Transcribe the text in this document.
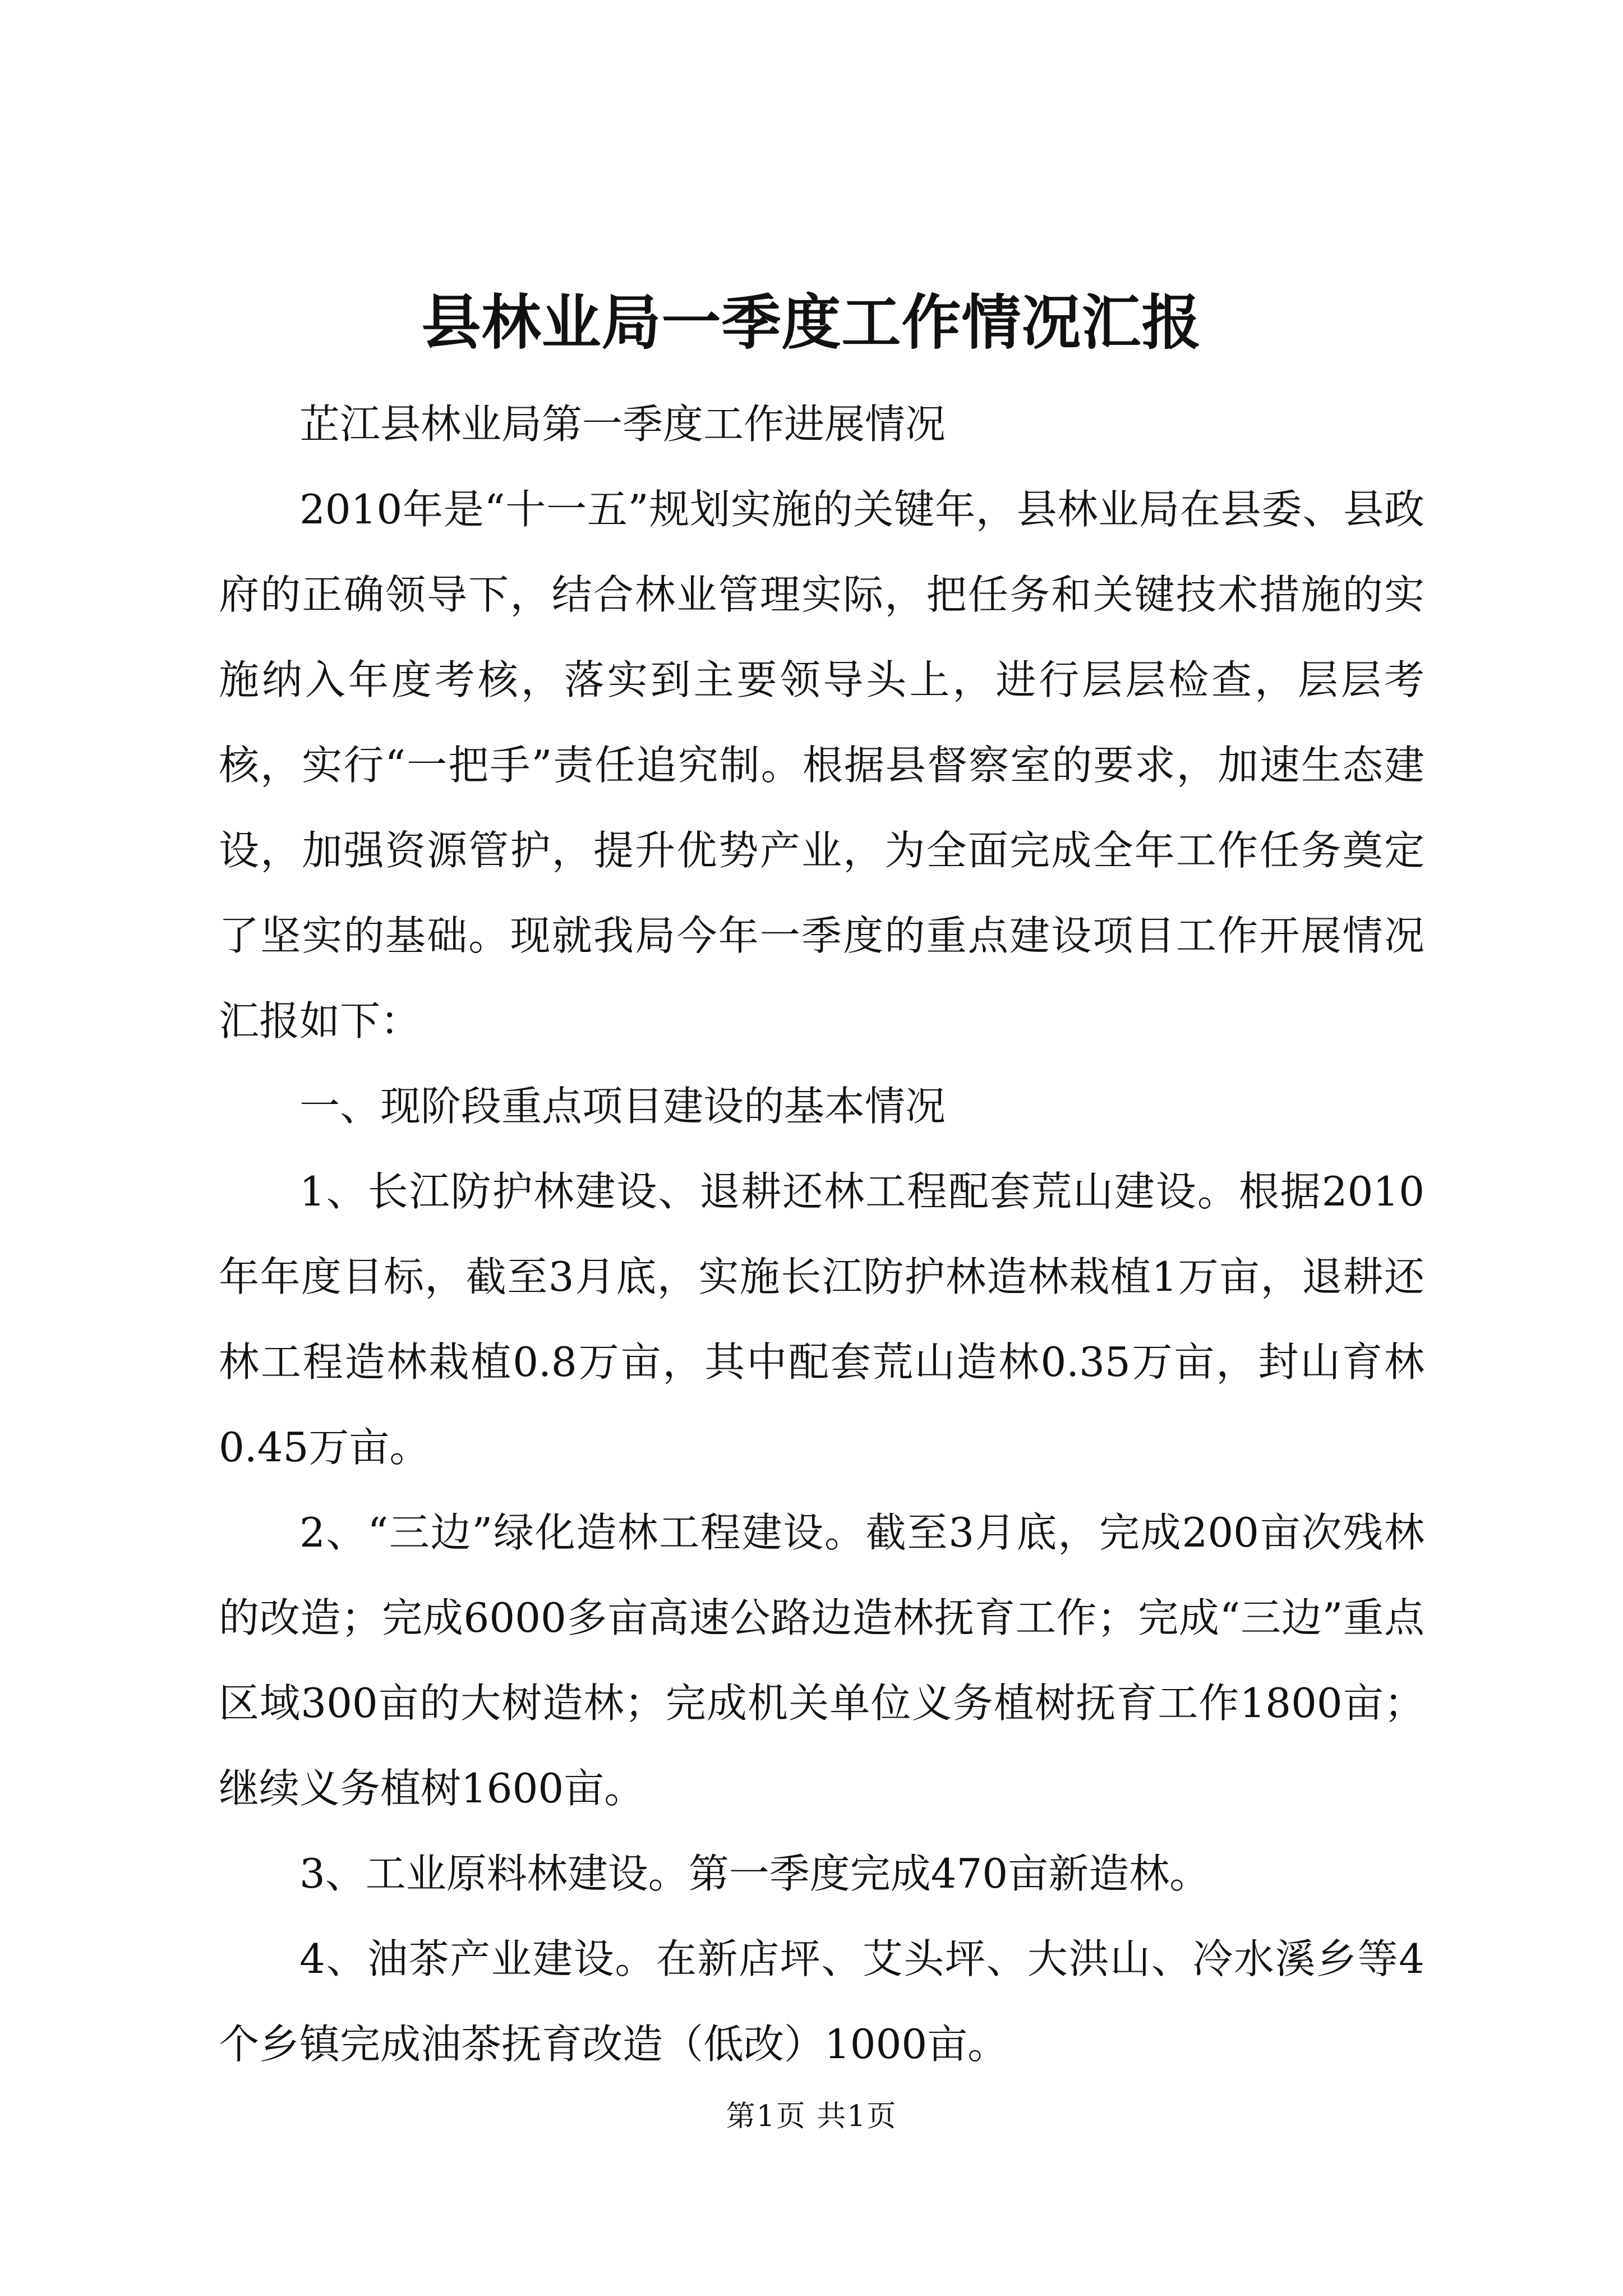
县林业局一季度工作情况汇报

芷江县林业局第一季度工作进展情况

2010年是“十一五”规划实施的关键年，县林业局在县委、县政府的正确领导下，结合林业管理实际，把任务和关键技术措施的实施纳入年度考核，落实到主要领导头上，进行层层检查，层层考核，实行“一把手”责任追究制。根据县督察室的要求，加速生态建设，加强资源管护，提升优势产业，为全面完成全年工作任务奠定了坚实的基础。现就我局今年一季度的重点建设项目工作开展情况汇报如下：

一、现阶段重点项目建设的基本情况

1、长江防护林建设、退耕还林工程配套荒山建设。根据2010年年度目标，截至3月底，实施长江防护林造林栽植1万亩，退耕还林工程造林栽植0.8万亩，其中配套荒山造林0.35万亩，封山育林0.45万亩。

2、“三边”绿化造林工程建设。截至3月底，完成200亩次残林的改造；完成6000多亩高速公路边造林抚育工作；完成“三边”重点区域300亩的大树造林；完成机关单位义务植树抚育工作1800亩；继续义务植树1600亩。

3、工业原料林建设。第一季度完成470亩新造林。

4、油茶产业建设。在新店坪、艾头坪、大洪山、冷水溪乡等4个乡镇完成油茶抚育改造（低改）1000亩。

第1页 共1页
